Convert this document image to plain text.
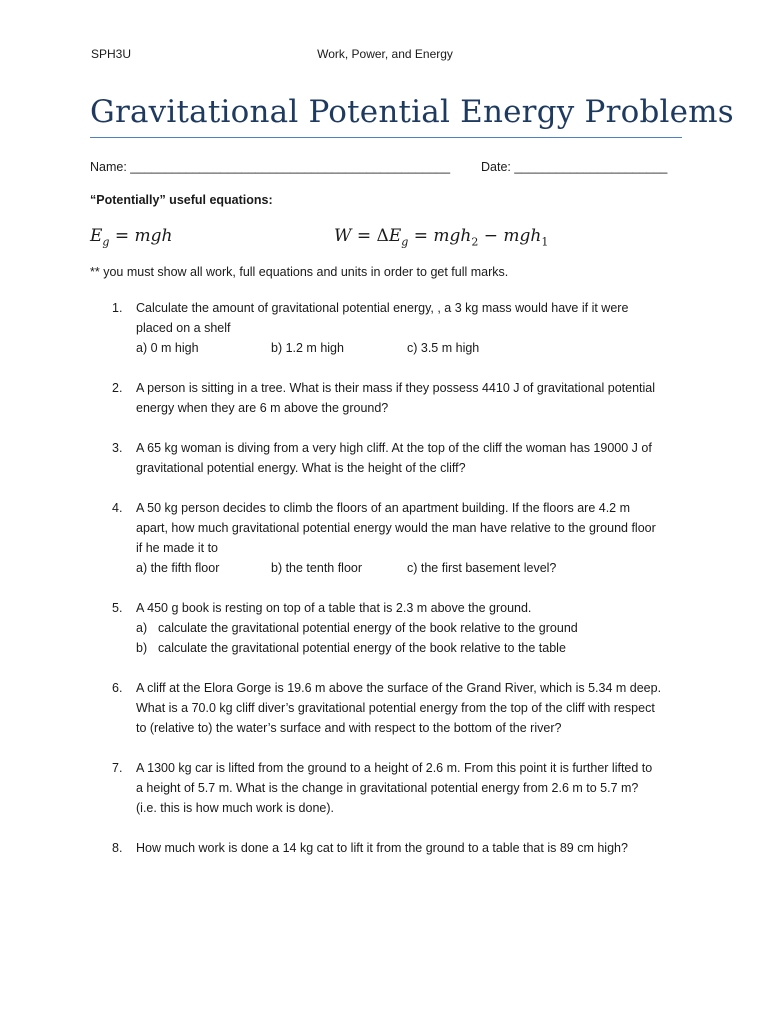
SPH3U	Work, Power, and Energy
Gravitational Potential Energy Problems
Name: ______________________________________________ Date: ______________________
“Potentially” useful equations:
$E_g$ = mgh	$W = \Delta E_g = mgh_2 - mgh_1$
** you must show all work, full equations and units in order to get full marks.
1. Calculate the amount of gravitational potential energy, , a 3 kg mass would have if it were
placed on a shelf
a) 0 m high	b) 1.2 m high	c) 3.5 m high
2. A person is sitting in a tree. What is their mass if they possess 4410 J of gravitational potential
energy when they are 6 m above the ground?
3. A 65 kg woman is diving from a very high cliff. At the top of the cliff the woman has 19000 J of
gravitational potential energy. What is the height of the cliff?
4. A 50 kg person decides to climb the floors of an apartment building. If the floors are 4.2 m
apart, how much gravitational potential energy would the man have relative to the ground floor
if he made it to
a) the fifth floor	b) the tenth floor	c) the first basement level?
5. A 450 g book is resting on top of a table that is 2.3 m above the ground.
a) calculate the gravitational potential energy of the book relative to the ground
b) calculate the gravitational potential energy of the book relative to the table
6. A cliff at the Elora Gorge is 19.6 m above the surface of the Grand River, which is 5.34 m deep.
What is a 70.0 kg cliff diver’s gravitational potential energy from the top of the cliff with respect
to (relative to) the water’s surface and with respect to the bottom of the river?
7. A 1300 kg car is lifted from the ground to a height of 2.6 m. From this point it is further lifted to
a height of 5.7 m. What is the change in gravitational potential energy from 2.6 m to 5.7 m?
(i.e. this is how much work is done).
8. How much work is done a 14 kg cat to lift it from the ground to a table that is 89 cm high?
